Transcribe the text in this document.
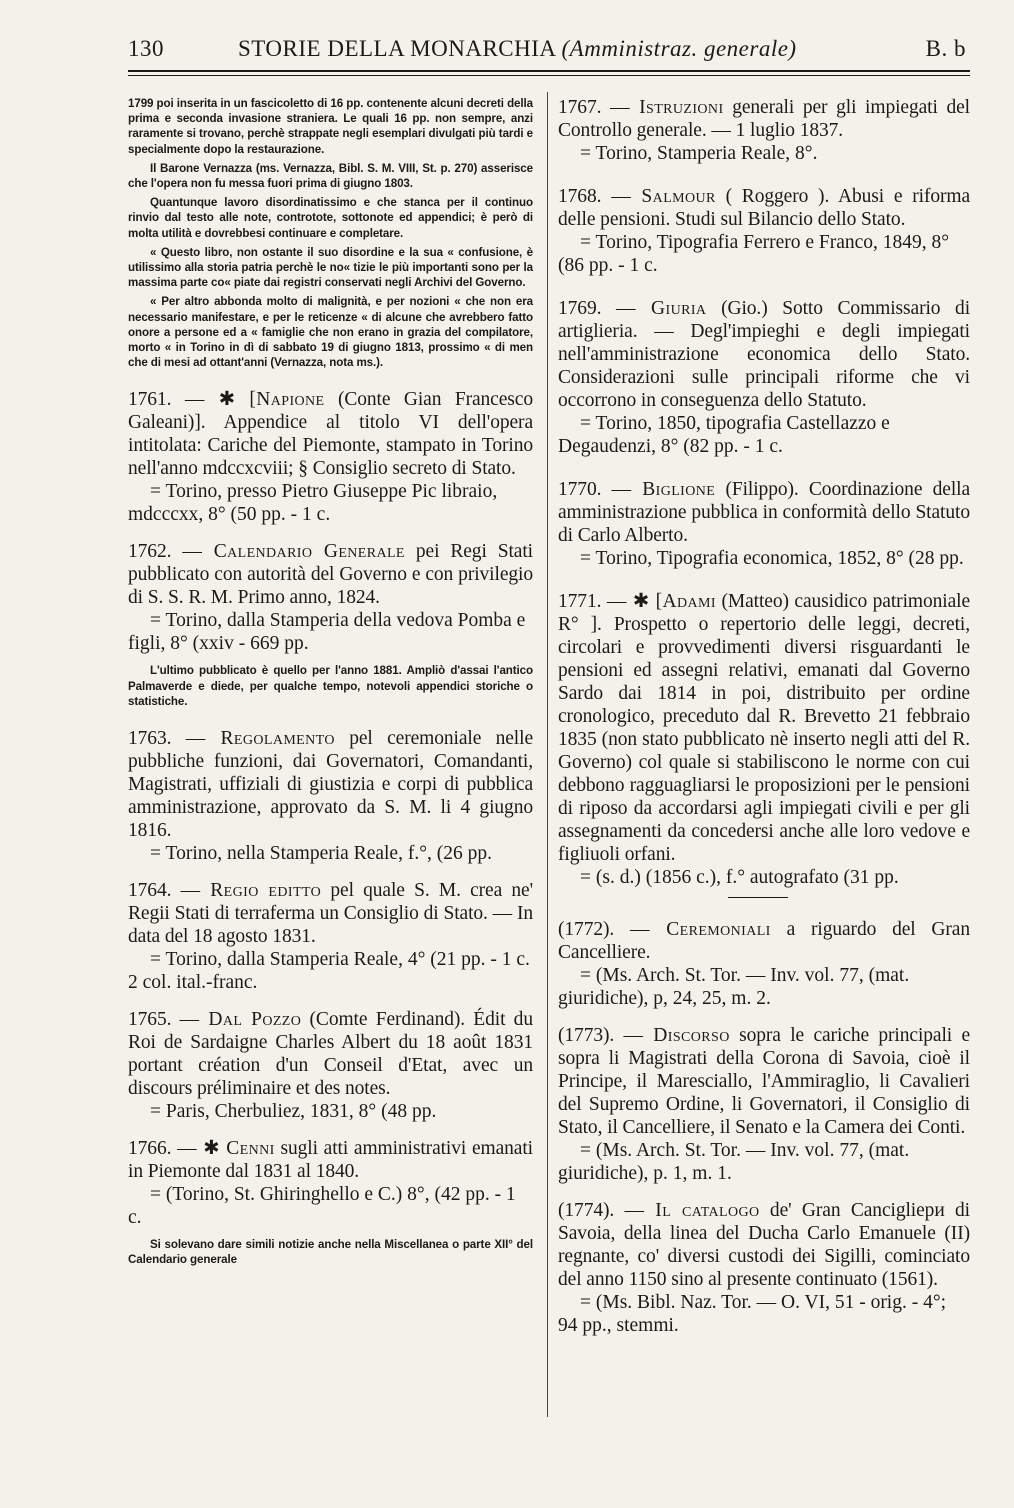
130	STORIE DELLA MONARCHIA (Amministraz. generale)	B. b

1799 poi inserita in un fascicoletto di 16 pp. contenente alcuni decreti della prima e seconda invasione straniera. Le quali 16 pp. non sempre, anzi raramente si trovano, perchè strappate negli esemplari divulgati più tardi e specialmente dopo la restaurazione.

Il Barone Vernazza (ms. Vernazza, Bibl. S. M. VIII, St. p. 270) asserisce che l'opera non fu messa fuori prima di giugno 1803.

Quantunque lavoro disordinatissimo e che stanca per il continuo rinvio dal testo alle note, controtote, sottonote ed appendici; è però di molta utilità e dovrebbesi continuare e completare.

« Questo libro, non ostante il suo disordine e la sua « confusione, è utilissimo alla storia patria perchè le no« tizie le più importanti sono per la massima parte co« piate dai registri conservati negli Archivi del Governo.

« Per altro abbonda molto di malignità, e per nozioni « che non era necessario manifestare, e per le reticenze « di alcune che avrebbero fatto onore a persone ed a « famiglie che non erano in grazia del compilatore, morto « in Torino in dì di sabbato 19 di giugno 1813, prossimo « di men che di mesi ad ottant'anni (Vernazza, nota ms.).

1761. — ✱ [Napione (Conte Gian Francesco Galeani)]. Appendice al titolo VI dell'opera intitolata: Cariche del Piemonte, stampato in Torino nell'anno mdccxcviii; § Consiglio secreto di Stato.

= Torino, presso Pietro Giuseppe Pic libraio, mdcccxx, 8° (50 pp. - 1 c.

1762. — Calendario Generale pei Regi Stati pubblicato con autorità del Governo e con privilegio di S. S. R. M. Primo anno, 1824.

= Torino, dalla Stamperia della vedova Pomba e figli, 8° (xxiv - 669 pp.

L'ultimo pubblicato è quello per l'anno 1881. Ampliò d'assai l'antico Palmaverde e diede, per qualche tempo, notevoli appendici storiche o statistiche.

1763. — Regolamento pel ceremoniale nelle pubbliche funzioni, dai Governatori, Comandanti, Magistrati, uffiziali di giustizia e corpi di pubblica amministrazione, approvato da S. M. li 4 giugno 1816.

= Torino, nella Stamperia Reale, f.°, (26 pp.

1764. — Regio editto pel quale S. M. crea ne' Regii Stati di terraferma un Consiglio di Stato. — In data del 18 agosto 1831.

= Torino, dalla Stamperia Reale, 4° (21 pp. - 1 c. 2 col. ital.-franc.

1765. — Dal Pozzo (Comte Ferdinand). Édit du Roi de Sardaigne Charles Albert du 18 août 1831 portant création d'un Conseil d'Etat, avec un discours préliminaire et des notes.

= Paris, Cherbuliez, 1831, 8° (48 pp.

1766. — ✱ Cenni sugli atti amministrativi emanati in Piemonte dal 1831 al 1840.

= (Torino, St. Ghiringhello e C.) 8°, (42 pp. - 1 c.

Si solevano dare simili notizie anche nella Miscellanea o parte XII° del Calendario generale

1767. — Istruzioni generali per gli impiegati del Controllo generale. — 1 luglio 1837.

= Torino, Stamperia Reale, 8°.

1768. — Salmour ( Roggero ). Abusi e riforma delle pensioni. Studi sul Bilancio dello Stato.

= Torino, Tipografia Ferrero e Franco, 1849, 8° (86 pp. - 1 c.

1769. — Giuria (Gio.) Sotto Commissario di artiglieria. — Degl'impieghi e degli impiegati nell'amministrazione economica dello Stato. Considerazioni sulle principali riforme che vi occorrono in conseguenza dello Statuto.

= Torino, 1850, tipografia Castellazzo e Degaudenzi, 8° (82 pp. - 1 c.

1770. — Biglione (Filippo). Coordinazione della amministrazione pubblica in conformità dello Statuto di Carlo Alberto.

= Torino, Tipografia economica, 1852, 8° (28 pp.

1771. — ✱ [Adami (Matteo) causidico patrimoniale R° ]. Prospetto o repertorio delle leggi, decreti, circolari e provvedimenti diversi risguardanti le pensioni ed assegni relativi, emanati dal Governo Sardo dai 1814 in poi, distribuito per ordine cronologico, preceduto dal R. Brevetto 21 febbraio 1835 (non stato pubblicato nè inserto negli atti del R. Governo) col quale si stabiliscono le norme con cui debbono ragguagliarsi le proposizioni per le pensioni di riposo da accordarsi agli impiegati civili e per gli assegnamenti da concedersi anche alle loro vedove e figliuoli orfani.

= (s. d.) (1856 c.), f.° autografato (31 pp.

(1772). — Ceremoniali a riguardo del Gran Cancelliere.

= (Ms. Arch. St. Tor. — Inv. vol. 77, (mat. giuridiche), p, 24, 25, m. 2.

(1773). — Discorso sopra le cariche principali e sopra li Magistrati della Corona di Savoia, cioè il Principe, il Maresciallo, l'Ammiraglio, li Cavalieri del Supremo Ordine, li Governatori, il Consiglio di Stato, il Cancelliere, il Senato e la Camera dei Conti.

= (Ms. Arch. St. Tor. — Inv. vol. 77, (mat. giuridiche), p. 1, m. 1.

(1774). — Il catalogo de' Gran Cancigliери di Savoia, della linea del Ducha Carlo Emanuele (II) regnante, co' diversi custodi dei Sigilli, cominciato del anno 1150 sino al presente continuato (1561).

= (Ms. Bibl. Naz. Tor. — O. VI, 51 - orig. - 4°; 94 pp., stemmi.
